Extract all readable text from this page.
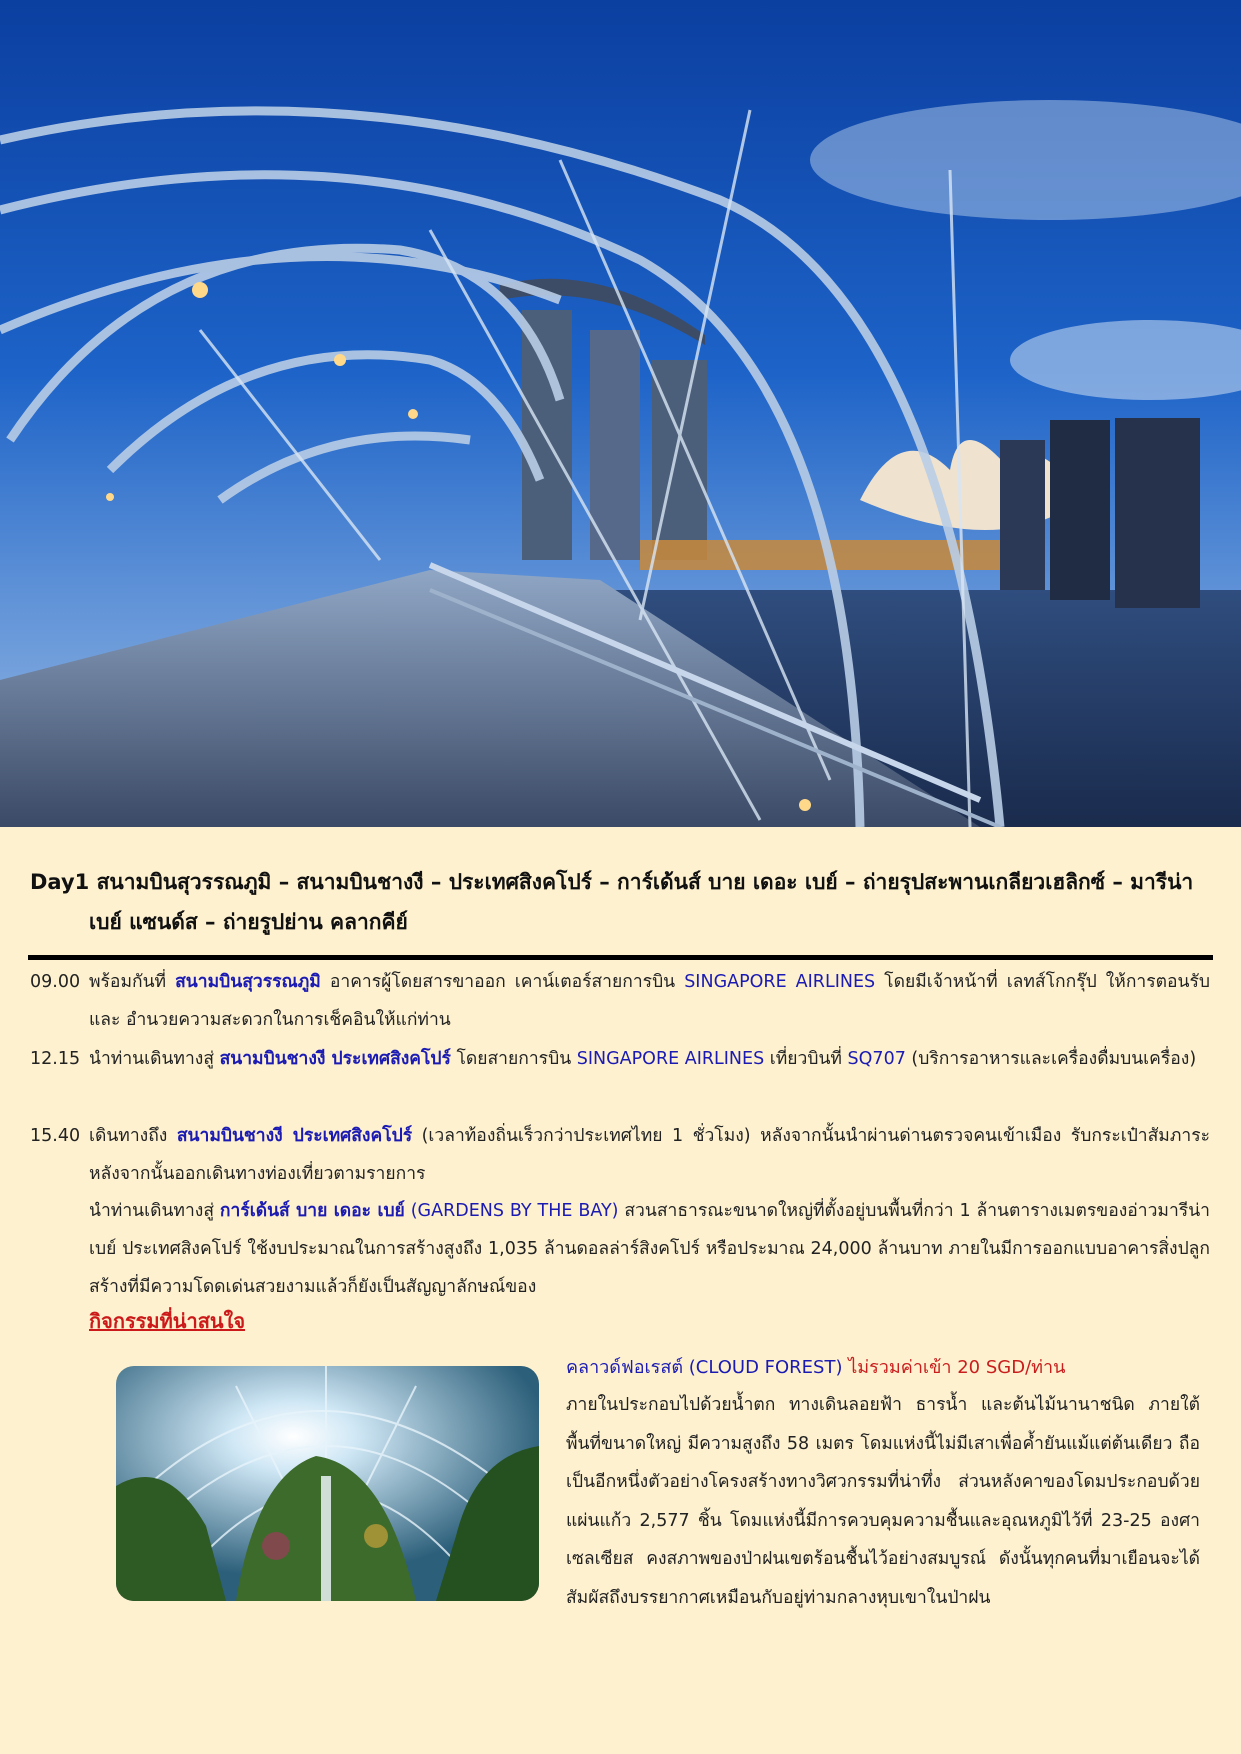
Day1 สนามบินสุวรรณภูมิ – สนามบินชางงี – ประเทศสิงคโปร์ – การ์เด้นส์ บาย เดอะ เบย์ – ถ่ายรุปสะพานเกลียวเฮลิกซ์ – มารีน่า
เบย์ แซนด์ส – ถ่ายรูปย่าน คลากคีย์
09.00 พร้อมกันที่ สนามบินสุวรรณภูมิ อาคารผู้โดยสารขาออก เคาน์เตอร์สายการบิน SINGAPORE AIRLINES โดยมีเจ้าหน้าที่ เลทส์โกกรุ๊ป ให้การตอนรับ และ อำนวยความสะดวกในการเช็คอินให้แก่ท่าน
12.15 นำท่านเดินทางสู่ สนามบินชางงี ประเทศสิงคโปร์ โดยสายการบิน SINGAPORE AIRLINES เที่ยวบินที่ SQ707 (บริการอาหารและเครื่องดื่มบนเครื่อง)
15.40 เดินทางถึง สนามบินชางงี ประเทศสิงคโปร์ (เวลาท้องถิ่นเร็วกว่าประเทศไทย 1 ชั่วโมง) หลังจากนั้นนำผ่านด่านตรวจคนเข้าเมือง รับกระเป๋าสัมภาระ หลังจากนั้นออกเดินทางท่องเที่ยวตามรายการ
นำท่านเดินทางสู่ การ์เด้นส์ บาย เดอะ เบย์ (GARDENS BY THE BAY) สวนสาธารณะขนาดใหญ่ที่ตั้งอยู่บนพื้นที่กว่า 1 ล้านตารางเมตรของอ่าวมารีน่า เบย์ ประเทศสิงคโปร์ ใช้งบประมาณในการสร้างสูงถึง 1,035 ล้านดอลล่าร์สิงคโปร์ หรือประมาณ 24,000 ล้านบาท ภายในมีการออกแบบอาคารสิ่งปลูกสร้างที่มีความโดดเด่นสวยงามแล้วก็ยังเป็นสัญญาลักษณ์ของ
กิจกรรมที่น่าสนใจ
คลาวด์ฟอเรสต์ (CLOUD FOREST) ไม่รวมค่าเข้า 20 SGD/ท่าน
ภายในประกอบไปด้วยน้ำตก ทางเดินลอยฟ้า ธารน้ำ และต้นไม้นานาชนิด ภายใต้พื้นที่ขนาดใหญ่ มีความสูงถึง 58 เมตร โดมแห่งนี้ไม่มีเสาเพื่อค้ำยันแม้แต่ต้นเดียว ถือเป็นอีกหนึ่งตัวอย่างโครงสร้างทางวิศวกรรมที่น่าทึ่ง ส่วนหลังคาของโดมประกอบด้วยแผ่นแก้ว 2,577 ชิ้น โดมแห่งนี้มีการควบคุมความชื้นและอุณหภูมิไว้ที่ 23-25 องศาเซลเซียส คงสภาพของป่าฝนเขตร้อนชื้นไว้อย่างสมบูรณ์ ดังนั้นทุกคนที่มาเยือนจะได้สัมผัสถึงบรรยากาศเหมือนกับอยู่ท่ามกลางหุบเขาในป่าฝน
